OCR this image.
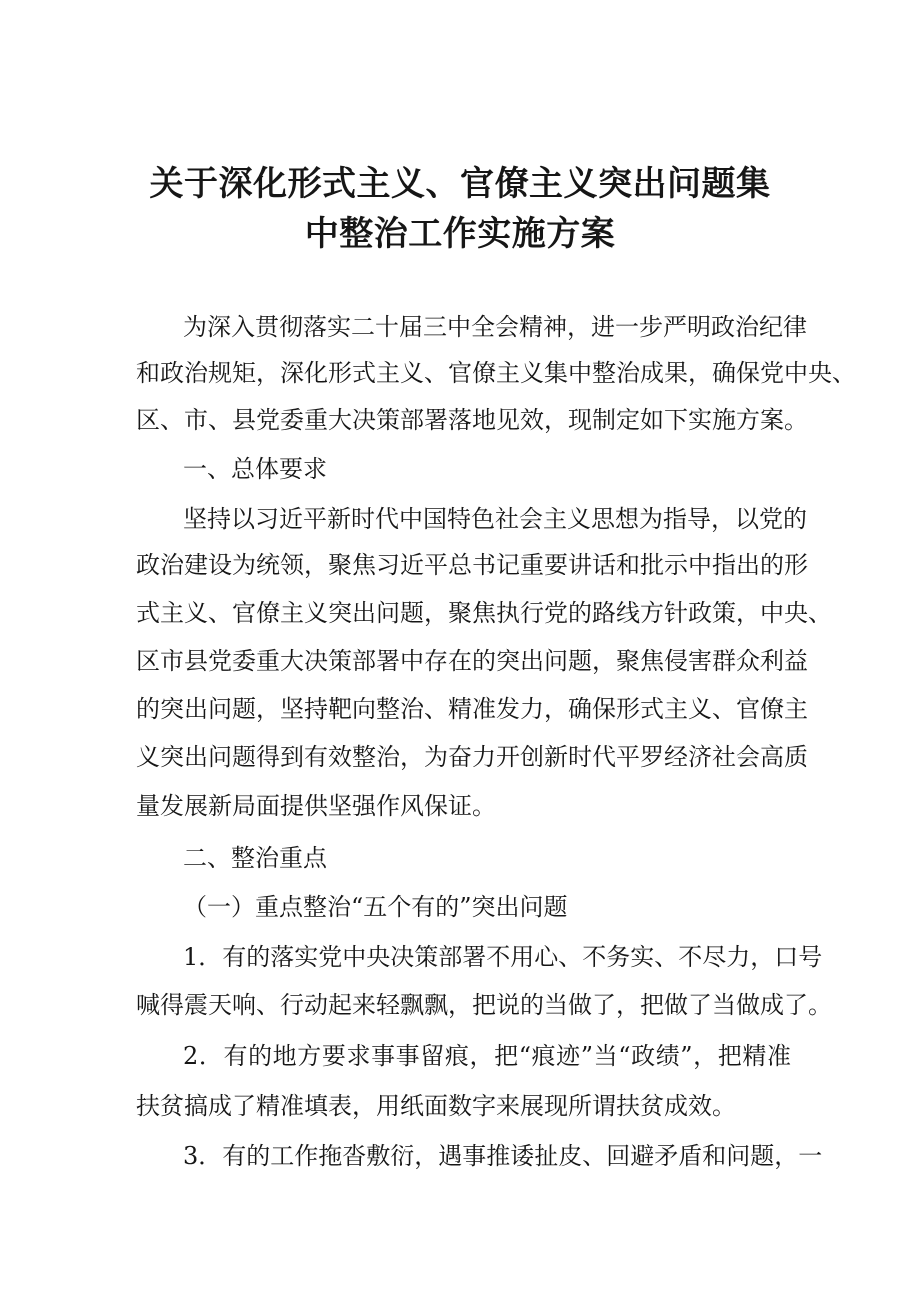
关于深化形式主义、官僚主义突出问题集
中整治工作实施方案

为深入贯彻落实二十届三中全会精神，进一步严明政治纪律

和政治规矩，深化形式主义、官僚主义集中整治成果，确保党中央、

区、市、县党委重大决策部署落地见效，现制定如下实施方案。

一、总体要求

坚持以习近平新时代中国特色社会主义思想为指导，以党的

政治建设为统领，聚焦习近平总书记重要讲话和批示中指出的形

式主义、官僚主义突出问题，聚焦执行党的路线方针政策，中央、

区市县党委重大决策部署中存在的突出问题，聚焦侵害群众利益

的突出问题，坚持靶向整治、精准发力，确保形式主义、官僚主

义突出问题得到有效整治，为奋力开创新时代平罗经济社会高质

量发展新局面提供坚强作风保证。

二、整治重点

（一）重点整治“五个有的”突出问题

1．有的落实党中央决策部署不用心、不务实、不尽力，口号

喊得震天响、行动起来轻飘飘，把说的当做了，把做了当做成了。

2．有的地方要求事事留痕，把“痕迹”当“政绩”，把精准

扶贫搞成了精准填表，用纸面数字来展现所谓扶贫成效。

3．有的工作拖沓敷衍，遇事推诿扯皮、回避矛盾和问题，一
